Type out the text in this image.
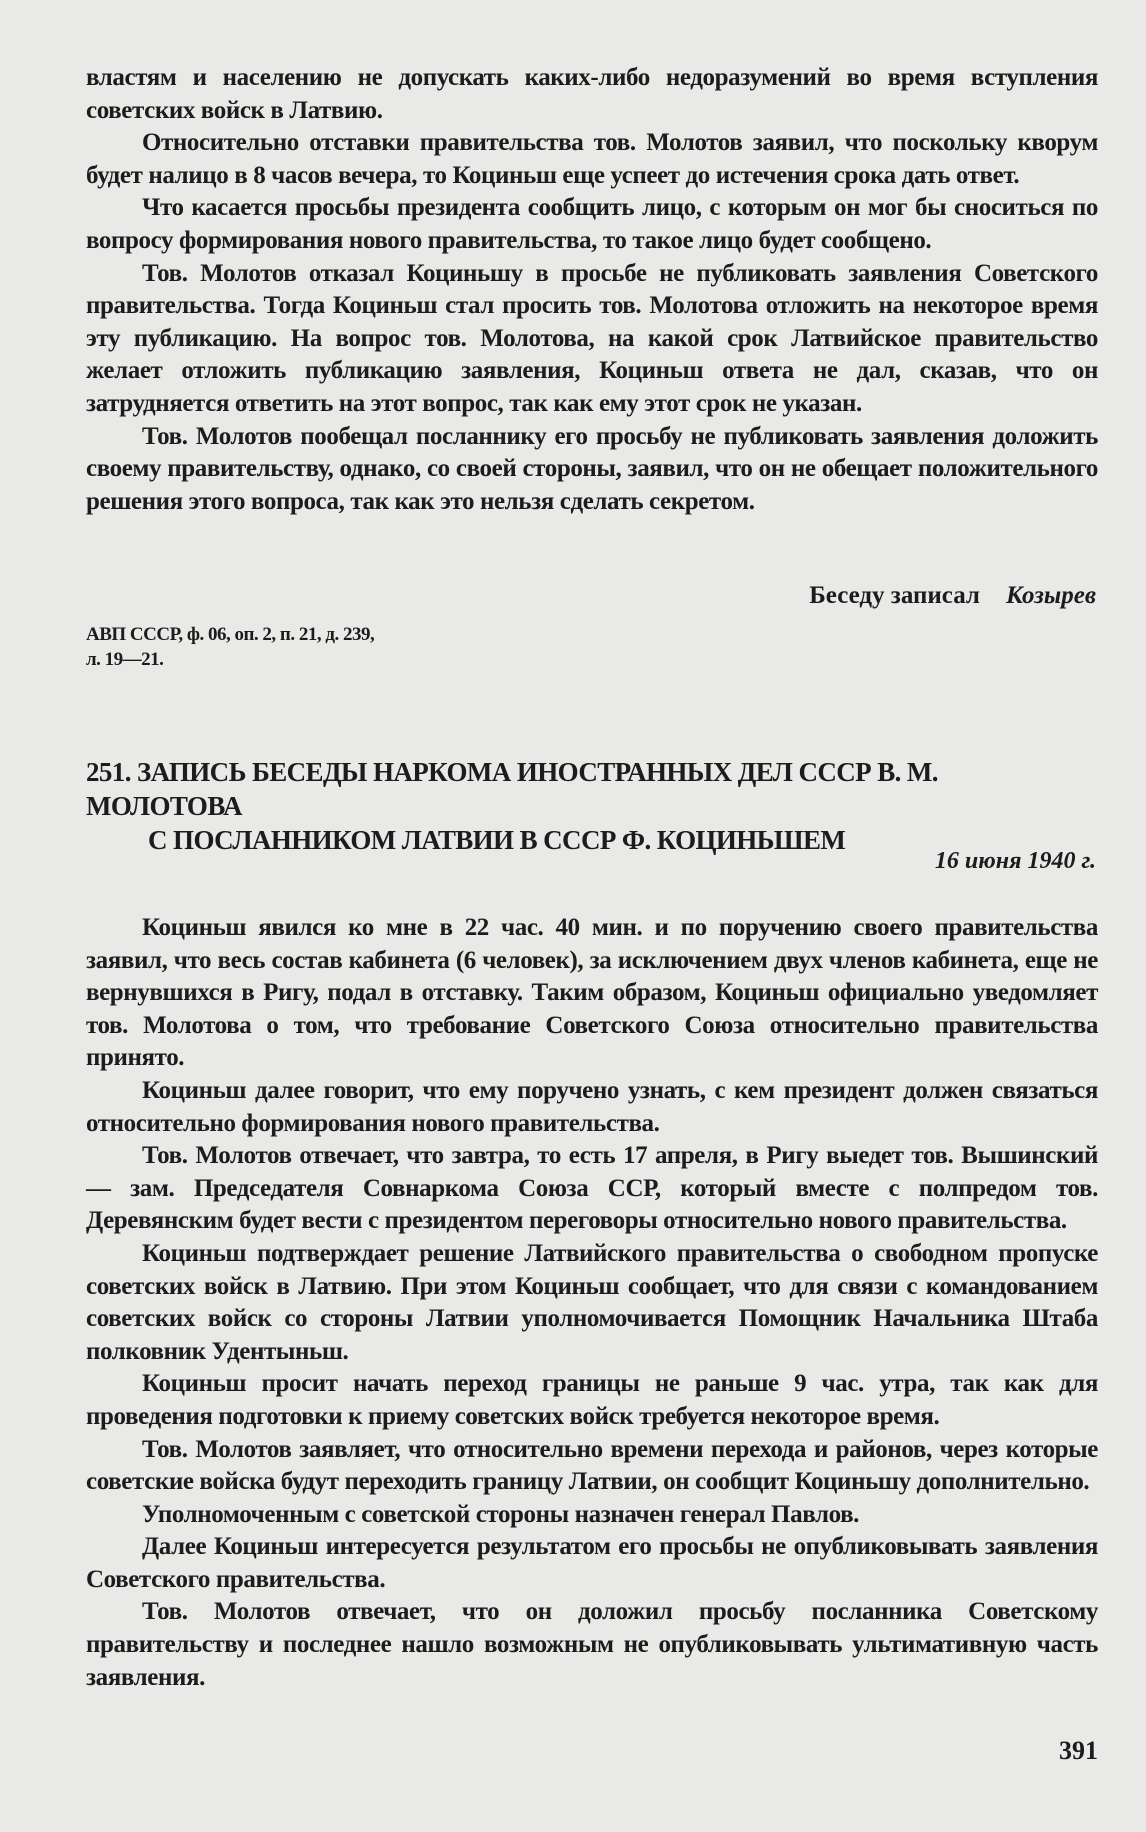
властям и населению не допускать каких-либо недоразумений во время вступления советских войск в Латвию.

Относительно отставки правительства тов. Молотов заявил, что поскольку кворум будет налицо в 8 часов вечера, то Коциньш еще успеет до истечения срока дать ответ.

Что касается просьбы президента сообщить лицо, с которым он мог бы сноситься по вопросу формирования нового правительства, то такое лицо будет сообщено.

Тов. Молотов отказал Коциньшу в просьбе не публиковать заявления Советского правительства. Тогда Коциньш стал просить тов. Молотова отложить на некоторое время эту публикацию. На вопрос тов. Молотова, на какой срок Латвийское правительство желает отложить публикацию заявления, Коциньш ответа не дал, сказав, что он затрудняется ответить на этот вопрос, так как ему этот срок не указан.

Тов. Молотов пообещал посланнику его просьбу не публиковать заявления доложить своему правительству, однако, со своей стороны, заявил, что он не обещает положительного решения этого вопроса, так как это нельзя сделать секретом.

Беседу записал Козырев
АВП СССР, ф. 06, оп. 2, п. 21, д. 239,
л. 19—21.
251. ЗАПИСЬ БЕСЕДЫ НАРКОМА ИНОСТРАННЫХ ДЕЛ СССР В. М. МОЛОТОВА
С ПОСЛАННИКОМ ЛАТВИИ В СССР Ф. КОЦИНЬШЕМ
16 июня 1940 г.

Коциньш явился ко мне в 22 час. 40 мин. и по поручению своего правительства заявил, что весь состав кабинета (6 человек), за исключением двух членов кабинета, еще не вернувшихся в Ригу, подал в отставку. Таким образом, Коциньш официально уведомляет тов. Молотова о том, что требование Советского Союза относительно правительства принято.

Коциньш далее говорит, что ему поручено узнать, с кем президент должен связаться относительно формирования нового правительства.

Тов. Молотов отвечает, что завтра, то есть 17 апреля, в Ригу выедет тов. Вышинский — зам. Председателя Совнаркома Союза ССР, который вместе с полпредом тов. Деревянским будет вести с президентом переговоры относительно нового правительства.

Коциньш подтверждает решение Латвийского правительства о свободном пропуске советских войск в Латвию. При этом Коциньш сообщает, что для связи с командованием советских войск со стороны Латвии уполномочивается Помощник Начальника Штаба полковник Удентыньш.

Коциньш просит начать переход границы не раньше 9 час. утра, так как для проведения подготовки к приему советских войск требуется некоторое время.

Тов. Молотов заявляет, что относительно времени перехода и районов, через которые советские войска будут переходить границу Латвии, он сообщит Коциньшу дополнительно.

Уполномоченным с советской стороны назначен генерал Павлов.

Далее Коциньш интересуется результатом его просьбы не опубликовывать заявления Советского правительства.

Тов. Молотов отвечает, что он доложил просьбу посланника Советскому правительству и последнее нашло возможным не опубликовывать ультимативную часть заявления.

391
